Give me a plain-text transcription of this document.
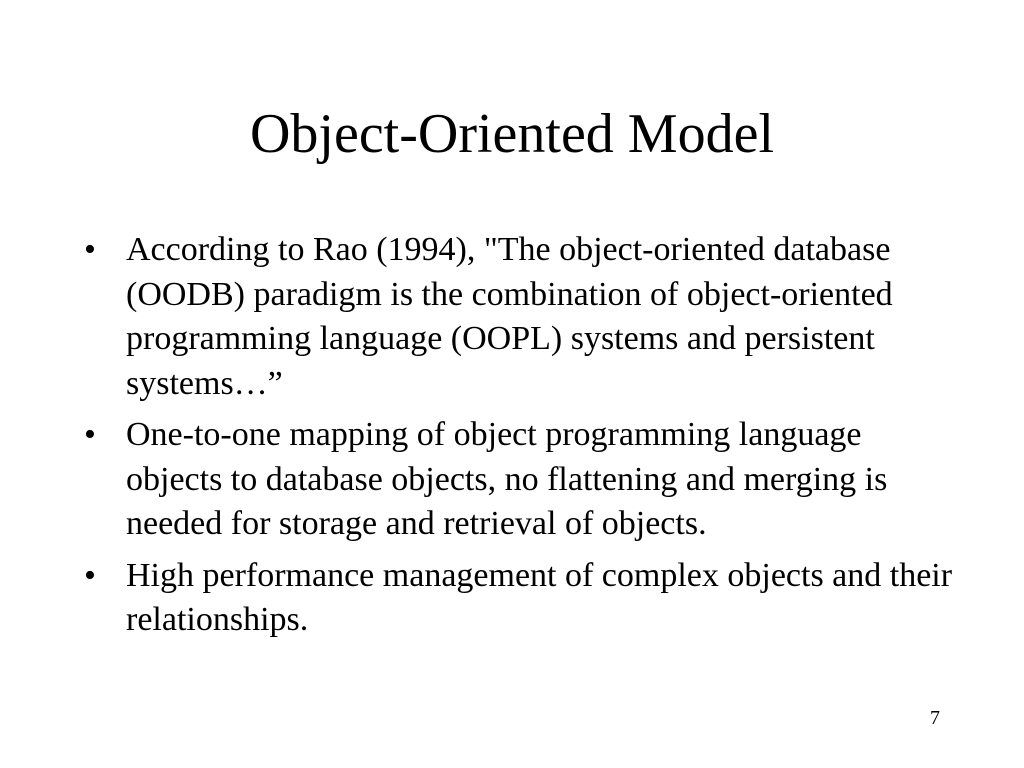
Object-Oriented Model
• According to Rao (1994), "The object-oriented database (OODB) paradigm is the combination of object-oriented programming language (OOPL) systems and persistent systems…”
• One-to-one mapping of object programming language objects to database objects, no flattening and merging is needed for storage and retrieval of objects.
• High performance management of complex objects and their relationships.
7
